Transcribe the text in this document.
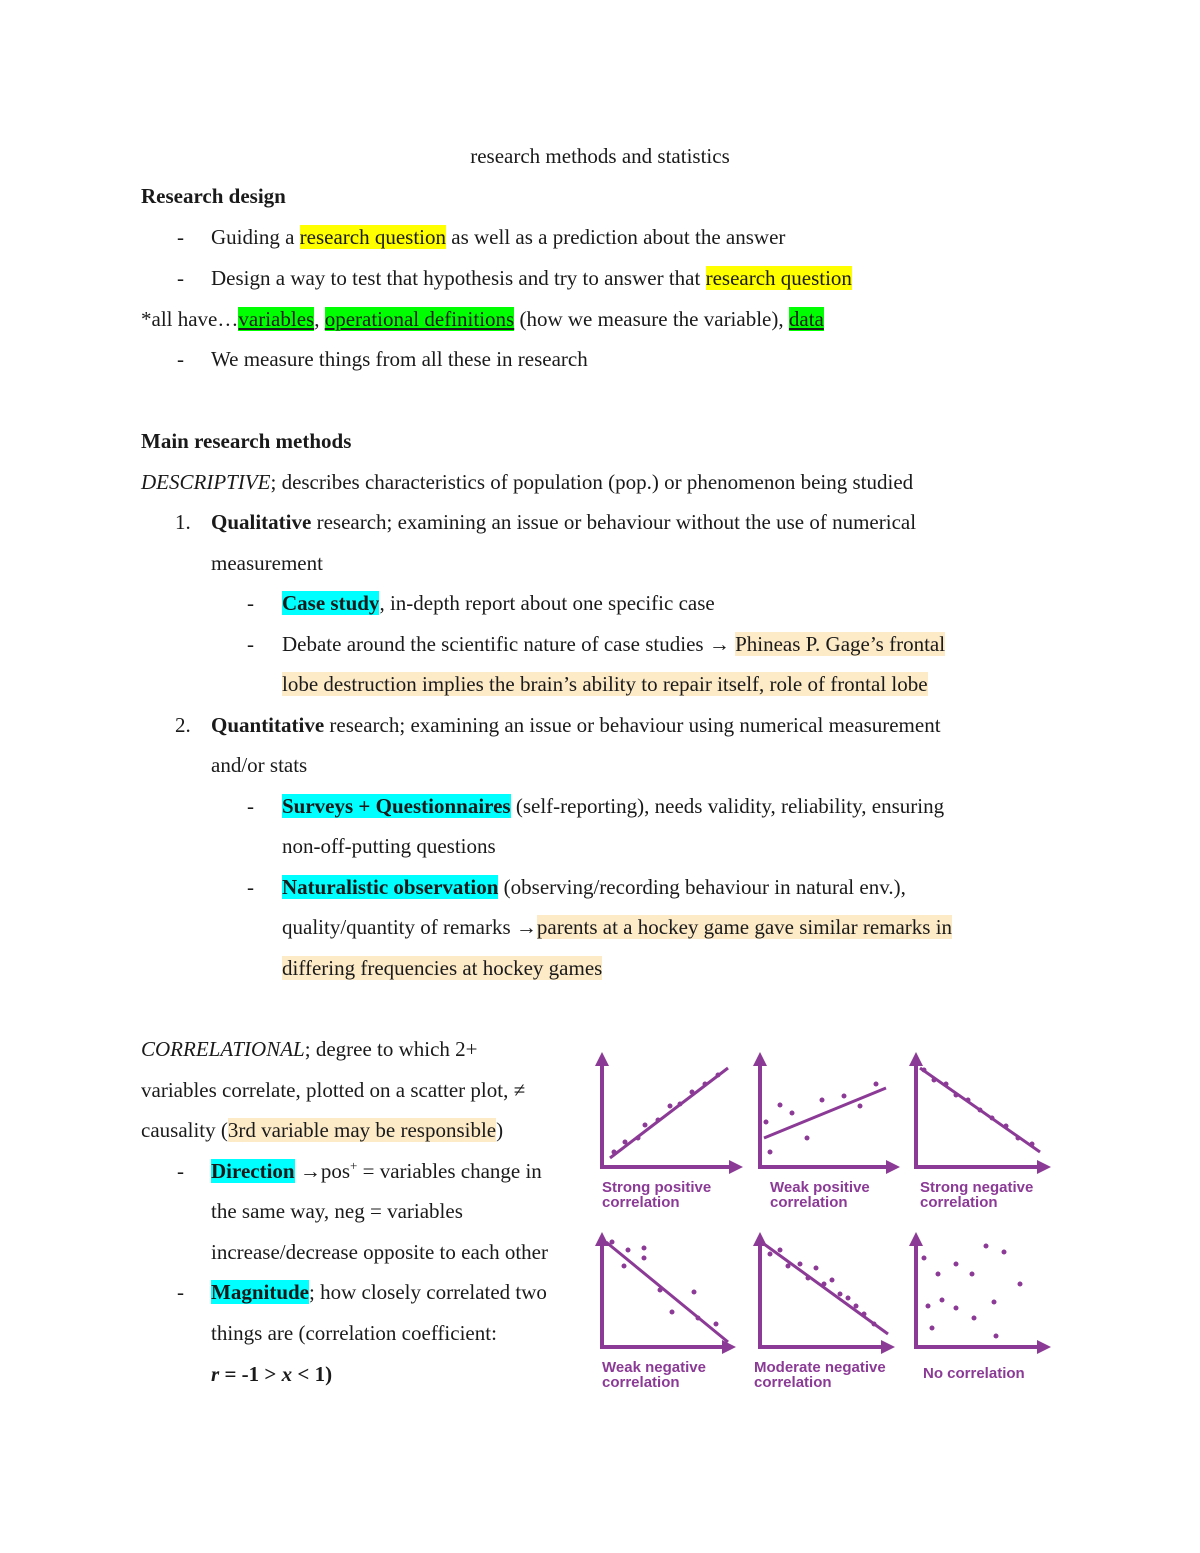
research methods and statistics
Research design
- Guiding a research question as well as a prediction about the answer
- Design a way to test that hypothesis and try to answer that research question
*all have…variables, operational definitions (how we measure the variable), data
- We measure things from all these in research
Main research methods
DESCRIPTIVE; describes characteristics of population (pop.) or phenomenon being studied
1. Qualitative research; examining an issue or behaviour without the use of numerical
measurement
- Case study, in-depth report about one specific case
- Debate around the scientific nature of case studies → Phineas P. Gage’s frontal
lobe destruction implies the brain’s ability to repair itself, role of frontal lobe
2. Quantitative research; examining an issue or behaviour using numerical measurement
and/or stats
- Surveys + Questionnaires (self-reporting), needs validity, reliability, ensuring
non-off-putting questions
- Naturalistic observation (observing/recording behaviour in natural env.),
quality/quantity of remarks →parents at a hockey game gave similar remarks in
differing frequencies at hockey games
CORRELATIONAL; degree to which 2+
variables correlate, plotted on a scatter plot, ≠
causality (3rd variable may be responsible)
- Direction →pos+ = variables change in
the same way, neg = variables
increase/decrease opposite to each other
- Magnitude; how closely correlated two
things are (correlation coefficient:
r = -1 > x < 1)
Strong positive
correlation
Weak positive
correlation
Strong negative
correlation
Weak negative
correlation
Moderate negative
correlation
No correlation
